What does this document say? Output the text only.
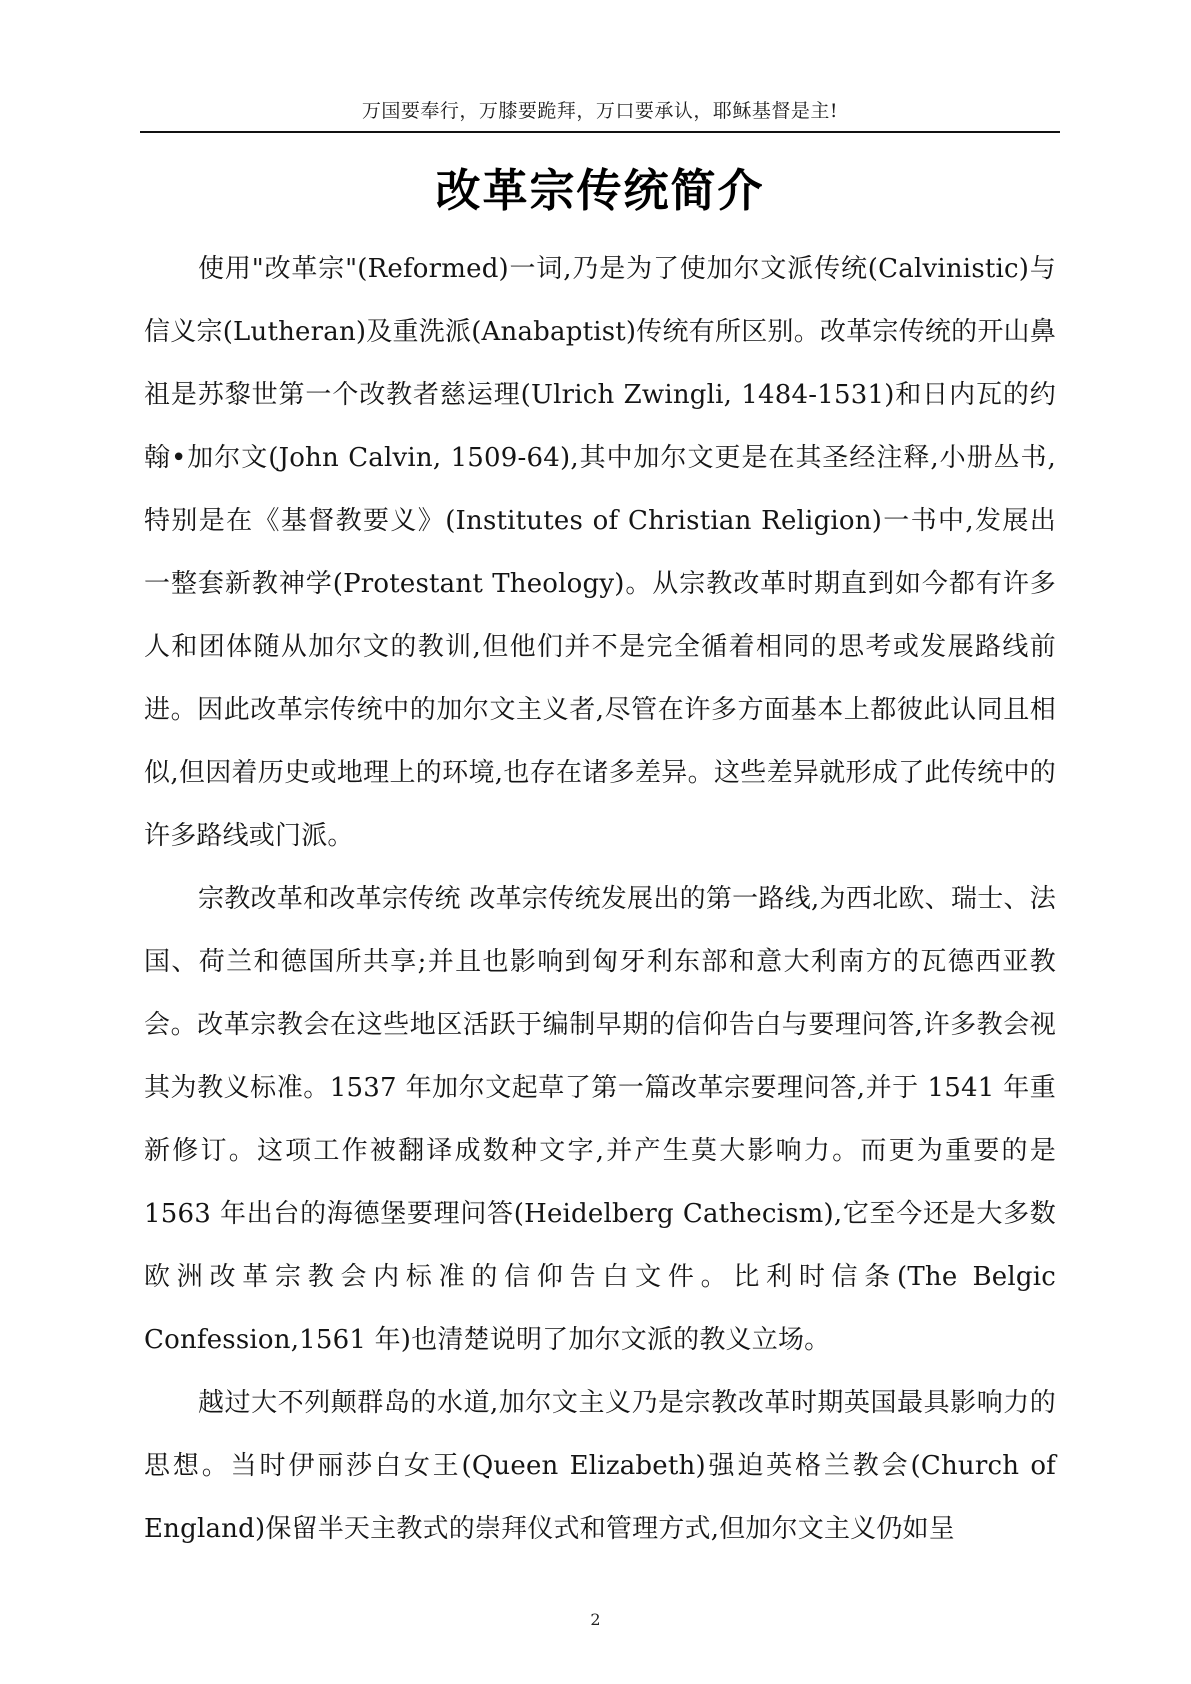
万国要奉行，万膝要跪拜，万口要承认，耶稣基督是主!
改革宗传统简介

使用"改革宗"(Reformed)一词,乃是为了使加尔文派传统(Calvinistic)与信义宗(Lutheran)及重洗派(Anabaptist)传统有所区别。改革宗传统的开山鼻祖是苏黎世第一个改教者慈运理(Ulrich Zwingli, 1484-1531)和日内瓦的约翰•加尔文(John Calvin, 1509-64),其中加尔文更是在其圣经注释,小册丛书,特别是在《基督教要义》(Institutes of Christian Religion)一书中,发展出一整套新教神学(Protestant Theology)。从宗教改革时期直到如今都有许多人和团体随从加尔文的教训,但他们并不是完全循着相同的思考或发展路线前进。因此改革宗传统中的加尔文主义者,尽管在许多方面基本上都彼此认同且相似,但因着历史或地理上的环境,也存在诸多差异。这些差异就形成了此传统中的许多路线或门派。

宗教改革和改革宗传统 改革宗传统发展出的第一路线,为西北欧、瑞士、法国、荷兰和德国所共享;并且也影响到匈牙利东部和意大利南方的瓦德西亚教会。改革宗教会在这些地区活跃于编制早期的信仰告白与要理问答,许多教会视其为教义标准。1537 年加尔文起草了第一篇改革宗要理问答,并于 1541 年重新修订。这项工作被翻译成数种文字,并产生莫大影响力。而更为重要的是 1563 年出台的海德堡要理问答(Heidelberg Cathecism),它至今还是大多数欧洲改革宗教会内标准的信仰告白文件。比利时信条(The Belgic Confession,1561 年)也清楚说明了加尔文派的教义立场。

越过大不列颠群岛的水道,加尔文主义乃是宗教改革时期英国最具影响力的思想。当时伊丽莎白女王(Queen Elizabeth)强迫英格兰教会(Church of England)保留半天主教式的崇拜仪式和管理方式,但加尔文主义仍如呈

2
